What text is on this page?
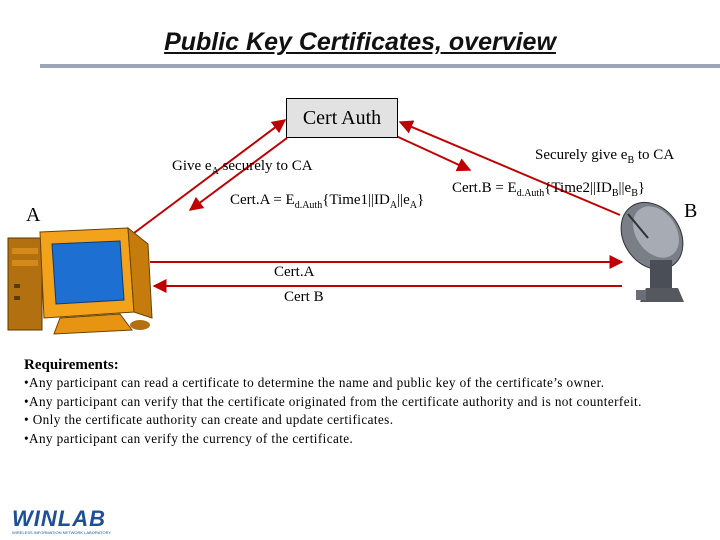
Public Key Certificates, overview
Cert Auth
A	B
Give $e_A$ securely to CA
Securely give $e_B$ to CA
Cert.B = $E_{d.Auth}\{Time2||ID_B||e_B\}$
Cert.A = $E_{d.Auth}\{Time1||ID_A||e_A\}$
Cert.A
Cert B
Requirements:
•Any participant can read a certificate to determine the name and public key of the certificate’s owner.
•Any participant can verify that the certificate originated from the certificate authority and is not counterfeit.
• Only the certificate authority can create and update certificates.
•Any participant can verify the currency of the certificate.
WINLAB
WIRELESS INFORMATION NETWORK LABORATORY
